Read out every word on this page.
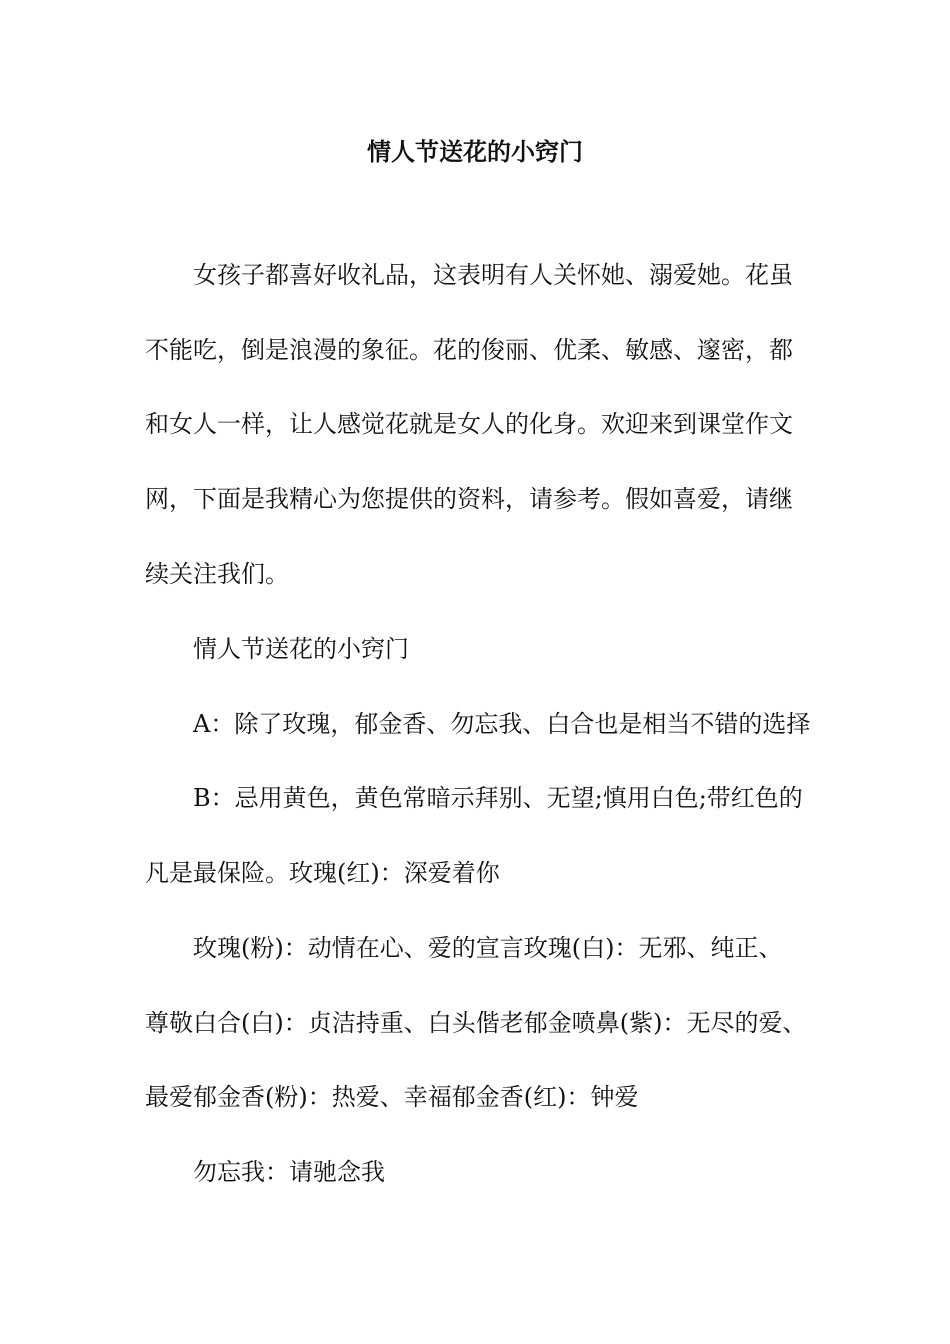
情人节送花的小窍门
女孩子都喜好收礼品，这表明有人关怀她、溺爱她。花虽
不能吃，倒是浪漫的象征。花的俊丽、优柔、敏感、邃密，都
和女人一样，让人感觉花就是女人的化身。欢迎来到课堂作文
网，下面是我精心为您提供的资料，请参考。假如喜爱，请继
续关注我们。
情人节送花的小窍门
A：除了玫瑰，郁金香、勿忘我、白合也是相当不错的选择
B：忌用黄色，黄色常暗示拜别、无望;慎用白色;带红色的
凡是最保险。玫瑰(红)：深爱着你
玫瑰(粉)：动情在心、爱的宣言玫瑰(白)：无邪、纯正、
尊敬白合(白)：贞洁持重、白头偕老郁金喷鼻(紫)：无尽的爱、
最爱郁金香(粉)：热爱、幸福郁金香(红)：钟爱
勿忘我：请驰念我
